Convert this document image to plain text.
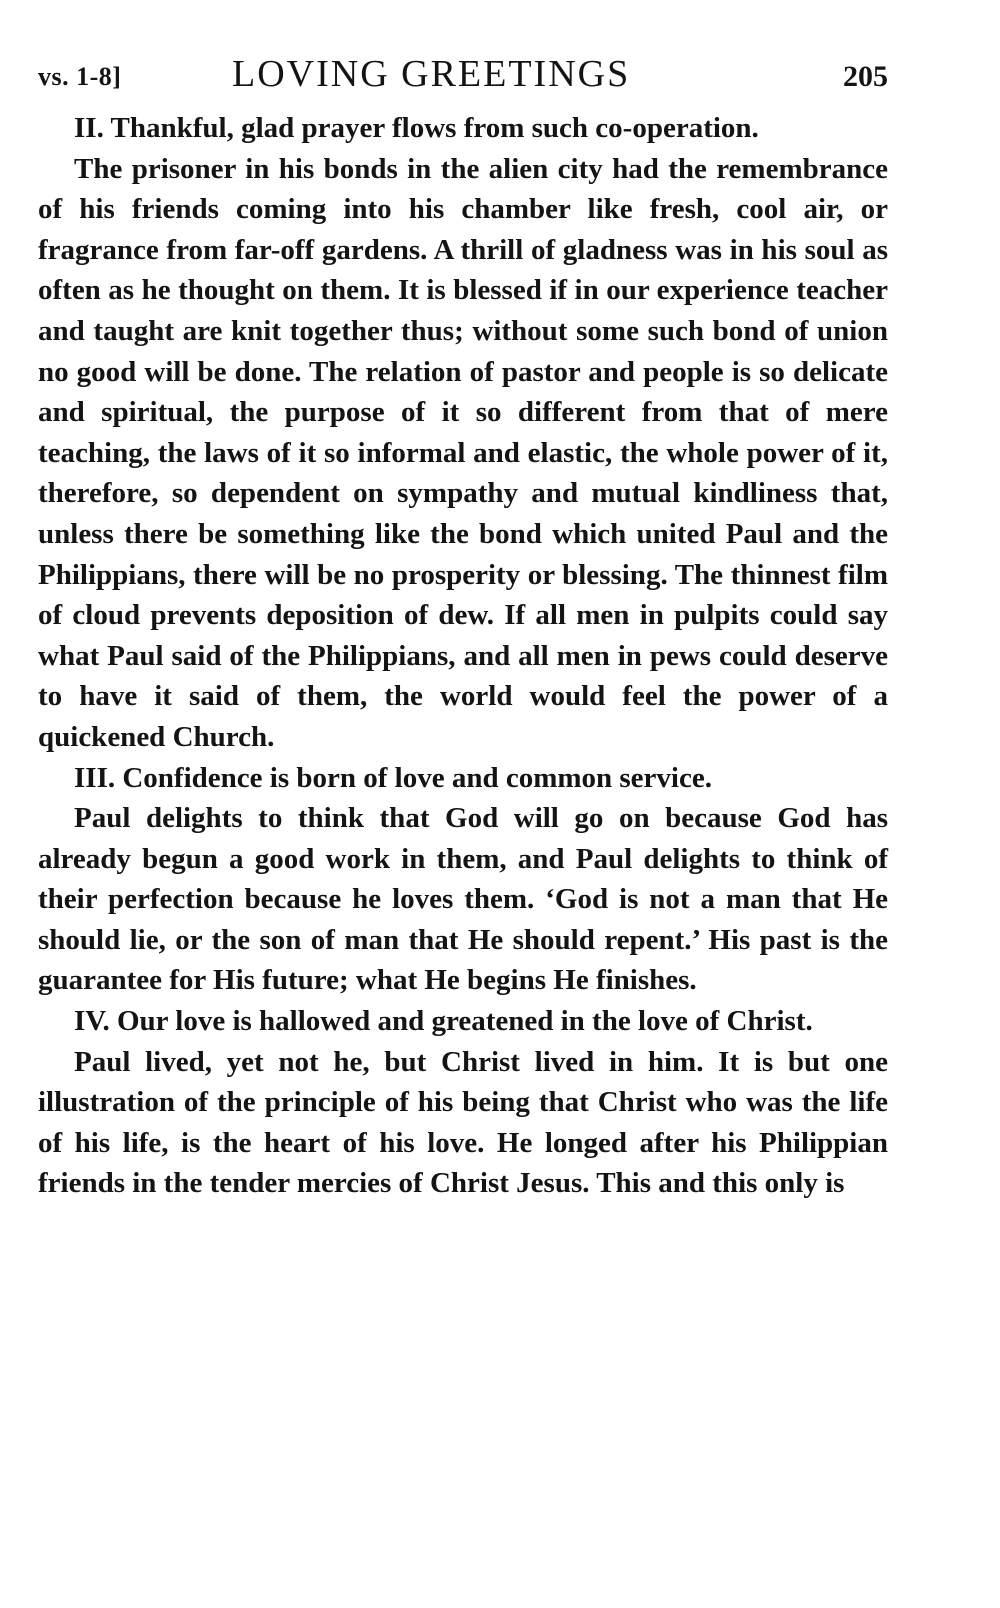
vs. 1-8]	LOVING GREETINGS	205

II. Thankful, glad prayer flows from such co-operation.

The prisoner in his bonds in the alien city had the remembrance of his friends coming into his chamber like fresh, cool air, or fragrance from far-off gardens. A thrill of gladness was in his soul as often as he thought on them. It is blessed if in our experience teacher and taught are knit together thus; without some such bond of union no good will be done. The relation of pastor and people is so delicate and spiritual, the purpose of it so different from that of mere teaching, the laws of it so informal and elastic, the whole power of it, therefore, so dependent on sympathy and mutual kindliness that, unless there be something like the bond which united Paul and the Philippians, there will be no prosperity or blessing. The thinnest film of cloud prevents deposition of dew. If all men in pulpits could say what Paul said of the Philippians, and all men in pews could deserve to have it said of them, the world would feel the power of a quickened Church.

III. Confidence is born of love and common service.

Paul delights to think that God will go on because God has already begun a good work in them, and Paul delights to think of their perfection because he loves them. ‘God is not a man that He should lie, or the son of man that He should repent.’ His past is the guarantee for His future; what He begins He finishes.

IV. Our love is hallowed and greatened in the love of Christ.

Paul lived, yet not he, but Christ lived in him. It is but one illustration of the principle of his being that Christ who was the life of his life, is the heart of his love. He longed after his Philippian friends in the tender mercies of Christ Jesus. This and this only is
